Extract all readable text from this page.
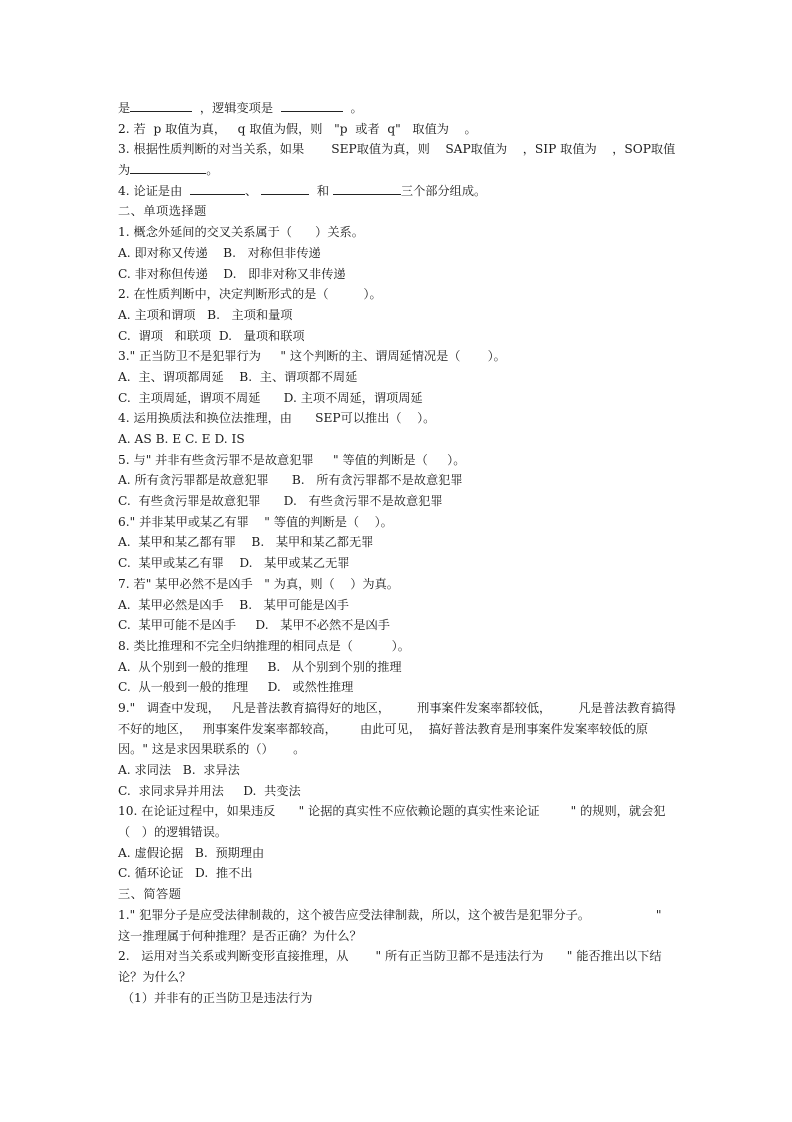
是	，逻辑变项是	。
2. 若  p 取值为真，   q 取值为假，则   "p  或者  q"   取值为    。
3. 根据性质判断的对当关系，如果       SEP取值为真，则    SAP取值为    ，SIP 取值为    ，SOP取值
为	。
4. 论证是由	、	和	三个部分组成。
二、单项选择题
1. 概念外延间的交叉关系属于（      ）关系。
A. 即对称又传递    B.   对称但非传递
C. 非对称但传递    D.   即非对称又非传递
2. 在性质判断中，决定判断形式的是（         ）。
A. 主项和谓项   B.   主项和量项
C.  谓项   和联项  D.   量项和联项
3." 正当防卫不是犯罪行为     " 这个判断的主、谓周延情况是（       ）。
A.  主、谓项都周延    B.  主、谓项都不周延
C.  主项周延，谓项不周延      D. 主项不周延，谓项周延
4. 运用换质法和换位法推理，由      SEP可以推出（    ）。
A. AS B. E C. E D. IS
5. 与" 并非有些贪污罪不是故意犯罪     " 等值的判断是（     ）。
A. 所有贪污罪都是故意犯罪      B.   所有贪污罪都不是故意犯罪
C.  有些贪污罪是故意犯罪      D.   有些贪污罪不是故意犯罪
6." 并非某甲或某乙有罪    " 等值的判断是（    ）。
A.  某甲和某乙都有罪    B.   某甲和某乙都无罪
C.  某甲或某乙有罪    D.   某甲或某乙无罪
7. 若" 某甲必然不是凶手   " 为真，则（    ）为真。
A.  某甲必然是凶手    B.   某甲可能是凶手
C.  某甲可能不是凶手     D.   某甲不必然不是凶手
8. 类比推理和不完全归纳推理的相同点是（          ）。
A.  从个别到一般的推理     B.   从个别到个别的推理
C.  从一般到一般的推理     D.   或然性推理
9."   调查中发现，   凡是普法教育搞得好的地区，       刑事案件发案率都较低，       凡是普法教育搞得
不好的地区，   刑事案件发案率都较高，      由此可见，  搞好普法教育是刑事案件发案率较低的原
因。" 这是求因果联系的（）     。
A. 求同法   B.  求异法
C.  求同求异并用法     D.  共变法
10. 在论证过程中，如果违反      " 论据的真实性不应依赖论题的真实性来论证        " 的规则，就会犯
（   ）的逻辑错误。
A. 虚假论据   B.  预期理由
C. 循环论证   D.  推不出
三、简答题
1." 犯罪分子是应受法律制裁的，这个被告应受法律制裁，所以，这个被告是犯罪分子。                 "
这一推理属于何种推理？是否正确？为什么？
2.   运用对当关系或判断变形直接推理，从       " 所有正当防卫都不是违法行为      " 能否推出以下结
论？为什么？
（1）并非有的正当防卫是违法行为
